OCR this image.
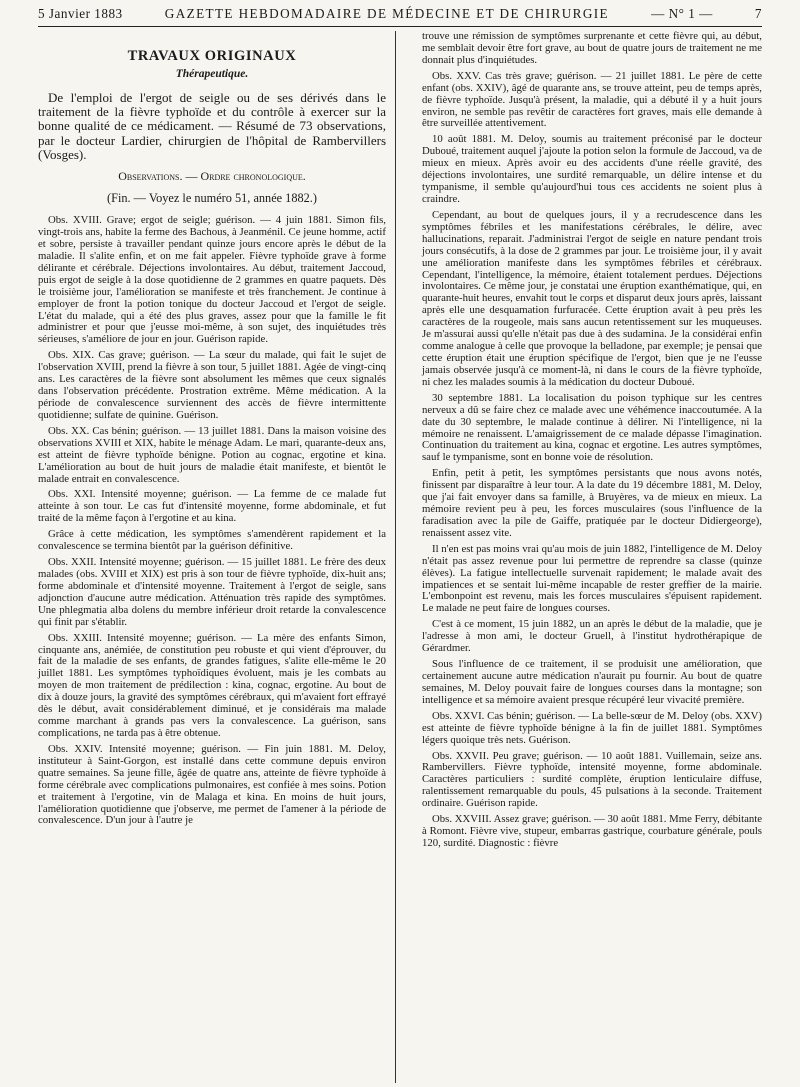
5 Janvier 1883	GAZETTE HEBDOMADAIRE DE MÉDECINE ET DE CHIRURGIE	— N° 1 —	7

TRAVAUX ORIGINAUX

Thérapeutique.

De l'emploi de l'ergot de seigle ou de ses dérivés dans le traitement de la fièvre typhoïde et du contrôle à exercer sur la bonne qualité de ce médicament. — Résumé de 73 observations, par le docteur Lardier, chirurgien de l'hôpital de Rambervillers (Vosges).

Observations. — Ordre chronologique.

(Fin. — Voyez le numéro 51, année 1882.)

Obs. XVIII. Grave; ergot de seigle; guérison. — 4 juin 1881. Simon fils, vingt-trois ans, habite la ferme des Bachous, à Jeanménil. Ce jeune homme, actif et sobre, persiste à travailler pendant quinze jours encore après le début de la maladie. Il s'alite enfin, et on me fait appeler. Fièvre typhoïde grave à forme délirante et cérébrale. Déjections involontaires. Au début, traitement Jaccoud, puis ergot de seigle à la dose quotidienne de 2 grammes en quatre paquets. Dès le troisième jour, l'amélioration se manifeste et très franchement. Je continue à employer de front la potion tonique du docteur Jaccoud et l'ergot de seigle. L'état du malade, qui a été des plus graves, assez pour que la famille le fit administrer et pour que j'eusse moi-même, à son sujet, des inquiétudes très sérieuses, s'améliore de jour en jour. Guérison rapide.

Obs. XIX. Cas grave; guérison. — La sœur du malade, qui fait le sujet de l'observation XVIII, prend la fièvre à son tour, 5 juillet 1881. Agée de vingt-cinq ans. Les caractères de la fièvre sont absolument les mêmes que ceux signalés dans l'observation précédente. Prostration extrême. Même médication. A la période de convalescence surviennent des accès de fièvre intermittente quotidienne; sulfate de quinine. Guérison.

Obs. XX. Cas bénin; guérison. — 13 juillet 1881. Dans la maison voisine des observations XVIII et XIX, habite le ménage Adam. Le mari, quarante-deux ans, est atteint de fièvre typhoïde bénigne. Potion au cognac, ergotine et kina. L'amélioration au bout de huit jours de maladie était manifeste, et bientôt le malade entrait en convalescence.

Obs. XXI. Intensité moyenne; guérison. — La femme de ce malade fut atteinte à son tour. Le cas fut d'intensité moyenne, forme abdominale, et fut traité de la même façon à l'ergotine et au kina.

Grâce à cette médication, les symptômes s'amendèrent rapidement et la convalescence se termina bientôt par la guérison définitive.

Obs. XXII. Intensité moyenne; guérison. — 15 juillet 1881. Le frère des deux malades (obs. XVIII et XIX) est pris à son tour de fièvre typhoïde, dix-huit ans; forme abdominale et d'intensité moyenne. Traitement à l'ergot de seigle, sans adjonction d'aucune autre médication. Atténuation très rapide des symptômes. Une phlegmatia alba dolens du membre inférieur droit retarde la convalescence qui finit par s'établir.

Obs. XXIII. Intensité moyenne; guérison. — La mère des enfants Simon, cinquante ans, anémiée, de constitution peu robuste et qui vient d'éprouver, du fait de la maladie de ses enfants, de grandes fatigues, s'alite elle-même le 20 juillet 1881. Les symptômes typhoïdiques évoluent, mais je les combats au moyen de mon traitement de prédilection : kina, cognac, ergotine. Au bout de dix à douze jours, la gravité des symptômes cérébraux, qui m'avaient fort effrayé dès le début, avait considérablement diminué, et je considérais ma malade comme marchant à grands pas vers la convalescence. La guérison, sans complications, ne tarda pas à être obtenue.

Obs. XXIV. Intensité moyenne; guérison. — Fin juin 1881. M. Deloy, instituteur à Saint-Gorgon, est installé dans cette commune depuis environ quatre semaines. Sa jeune fille, âgée de quatre ans, atteinte de fièvre typhoïde à forme cérébrale avec complications pulmonaires, est confiée à mes soins. Potion et traitement à l'ergotine, vin de Malaga et kina. En moins de huit jours, l'amélioration quotidienne que j'observe, me permet de l'amener à la période de convalescence. D'un jour à l'autre je

trouve une rémission de symptômes surprenante et cette fièvre qui, au début, me semblait devoir être fort grave, au bout de quatre jours de traitement ne me donnait plus d'inquiétudes.

Obs. XXV. Cas très grave; guérison. — 21 juillet 1881. Le père de cette enfant (obs. XXIV), âgé de quarante ans, se trouve atteint, peu de temps après, de fièvre typhoïde. Jusqu'à présent, la maladie, qui a débuté il y a huit jours environ, ne semble pas revêtir de caractères fort graves, mais elle demande à être surveillée attentivement.

10 août 1881. M. Deloy, soumis au traitement préconisé par le docteur Duboué, traitement auquel j'ajoute la potion selon la formule de Jaccoud, va de mieux en mieux. Après avoir eu des accidents d'une réelle gravité, des déjections involontaires, une surdité remarquable, un délire intense et du tympanisme, il semble qu'aujourd'hui tous ces accidents ne soient plus à craindre.

Cependant, au bout de quelques jours, il y a recrudescence dans les symptômes fébriles et les manifestations cérébrales, le délire, avec hallucinations, reparait. J'administrai l'ergot de seigle en nature pendant trois jours consécutifs, à la dose de 2 grammes par jour. Le troisième jour, il y avait une amélioration manifeste dans les symptômes fébriles et cérébraux. Cependant, l'intelligence, la mémoire, étaient totalement perdues. Déjections involontaires. Ce même jour, je constatai une éruption exanthématique, qui, en quarante-huit heures, envahit tout le corps et disparut deux jours après, laissant après elle une desquamation furfuracée. Cette éruption avait à peu près les caractères de la rougeole, mais sans aucun retentissement sur les muqueuses. Je m'assurai aussi qu'elle n'était pas due à des sudamina. Je la considérai enfin comme analogue à celle que provoque la belladone, par exemple; je pensai que cette éruption était une éruption spécifique de l'ergot, bien que je ne l'eusse jamais observée jusqu'à ce moment-là, ni dans le cours de la fièvre typhoïde, ni chez les malades soumis à la médication du docteur Duboué.

30 septembre 1881. La localisation du poison typhique sur les centres nerveux a dû se faire chez ce malade avec une véhémence inaccoutumée. A la date du 30 septembre, le malade continue à délirer. Ni l'intelligence, ni la mémoire ne renaissent. L'amaigrissement de ce malade dépasse l'imagination. Continuation du traitement au kina, cognac et ergotine. Les autres symptômes, sauf le tympanisme, sont en bonne voie de résolution.

Enfin, petit à petit, les symptômes persistants que nous avons notés, finissent par disparaître à leur tour. A la date du 19 décembre 1881, M. Deloy, que j'ai fait envoyer dans sa famille, à Bruyères, va de mieux en mieux. La mémoire revient peu à peu, les forces musculaires (sous l'influence de la faradisation avec la pile de Gaiffe, pratiquée par le docteur Didiergeorge), renaissent assez vite.

Il n'en est pas moins vrai qu'au mois de juin 1882, l'intelligence de M. Deloy n'était pas assez revenue pour lui permettre de reprendre sa classe (quinze élèves). La fatigue intellectuelle survenait rapidement; le malade avait des impatiences et se sentait lui-même incapable de rester greffier de la mairie. L'embonpoint est revenu, mais les forces musculaires s'épuisent rapidement. Le malade ne peut faire de longues courses.

C'est à ce moment, 15 juin 1882, un an après le début de la maladie, que je l'adresse à mon ami, le docteur Gruell, à l'institut hydrothérapique de Gérardmer.

Sous l'influence de ce traitement, il se produisit une amélioration, que certainement aucune autre médication n'aurait pu fournir. Au bout de quatre semaines, M. Deloy pouvait faire de longues courses dans la montagne; son intelligence et sa mémoire avaient presque récupéré leur vivacité première.

Obs. XXVI. Cas bénin; guérison. — La belle-sœur de M. Deloy (obs. XXV) est atteinte de fièvre typhoïde bénigne à la fin de juillet 1881. Symptômes légers quoique très nets. Guérison.

Obs. XXVII. Peu grave; guérison. — 10 août 1881. Vuillemain, seize ans. Rambervillers. Fièvre typhoïde, intensité moyenne, forme abdominale. Caractères particuliers : surdité complète, éruption lenticulaire diffuse, ralentissement remarquable du pouls, 45 pulsations à la seconde. Traitement ordinaire. Guérison rapide.

Obs. XXVIII. Assez grave; guérison. — 30 août 1881. Mme Ferry, débitante à Romont. Fièvre vive, stupeur, embarras gastrique, courbature générale, pouls 120, surdité. Diagnostic : fièvre
